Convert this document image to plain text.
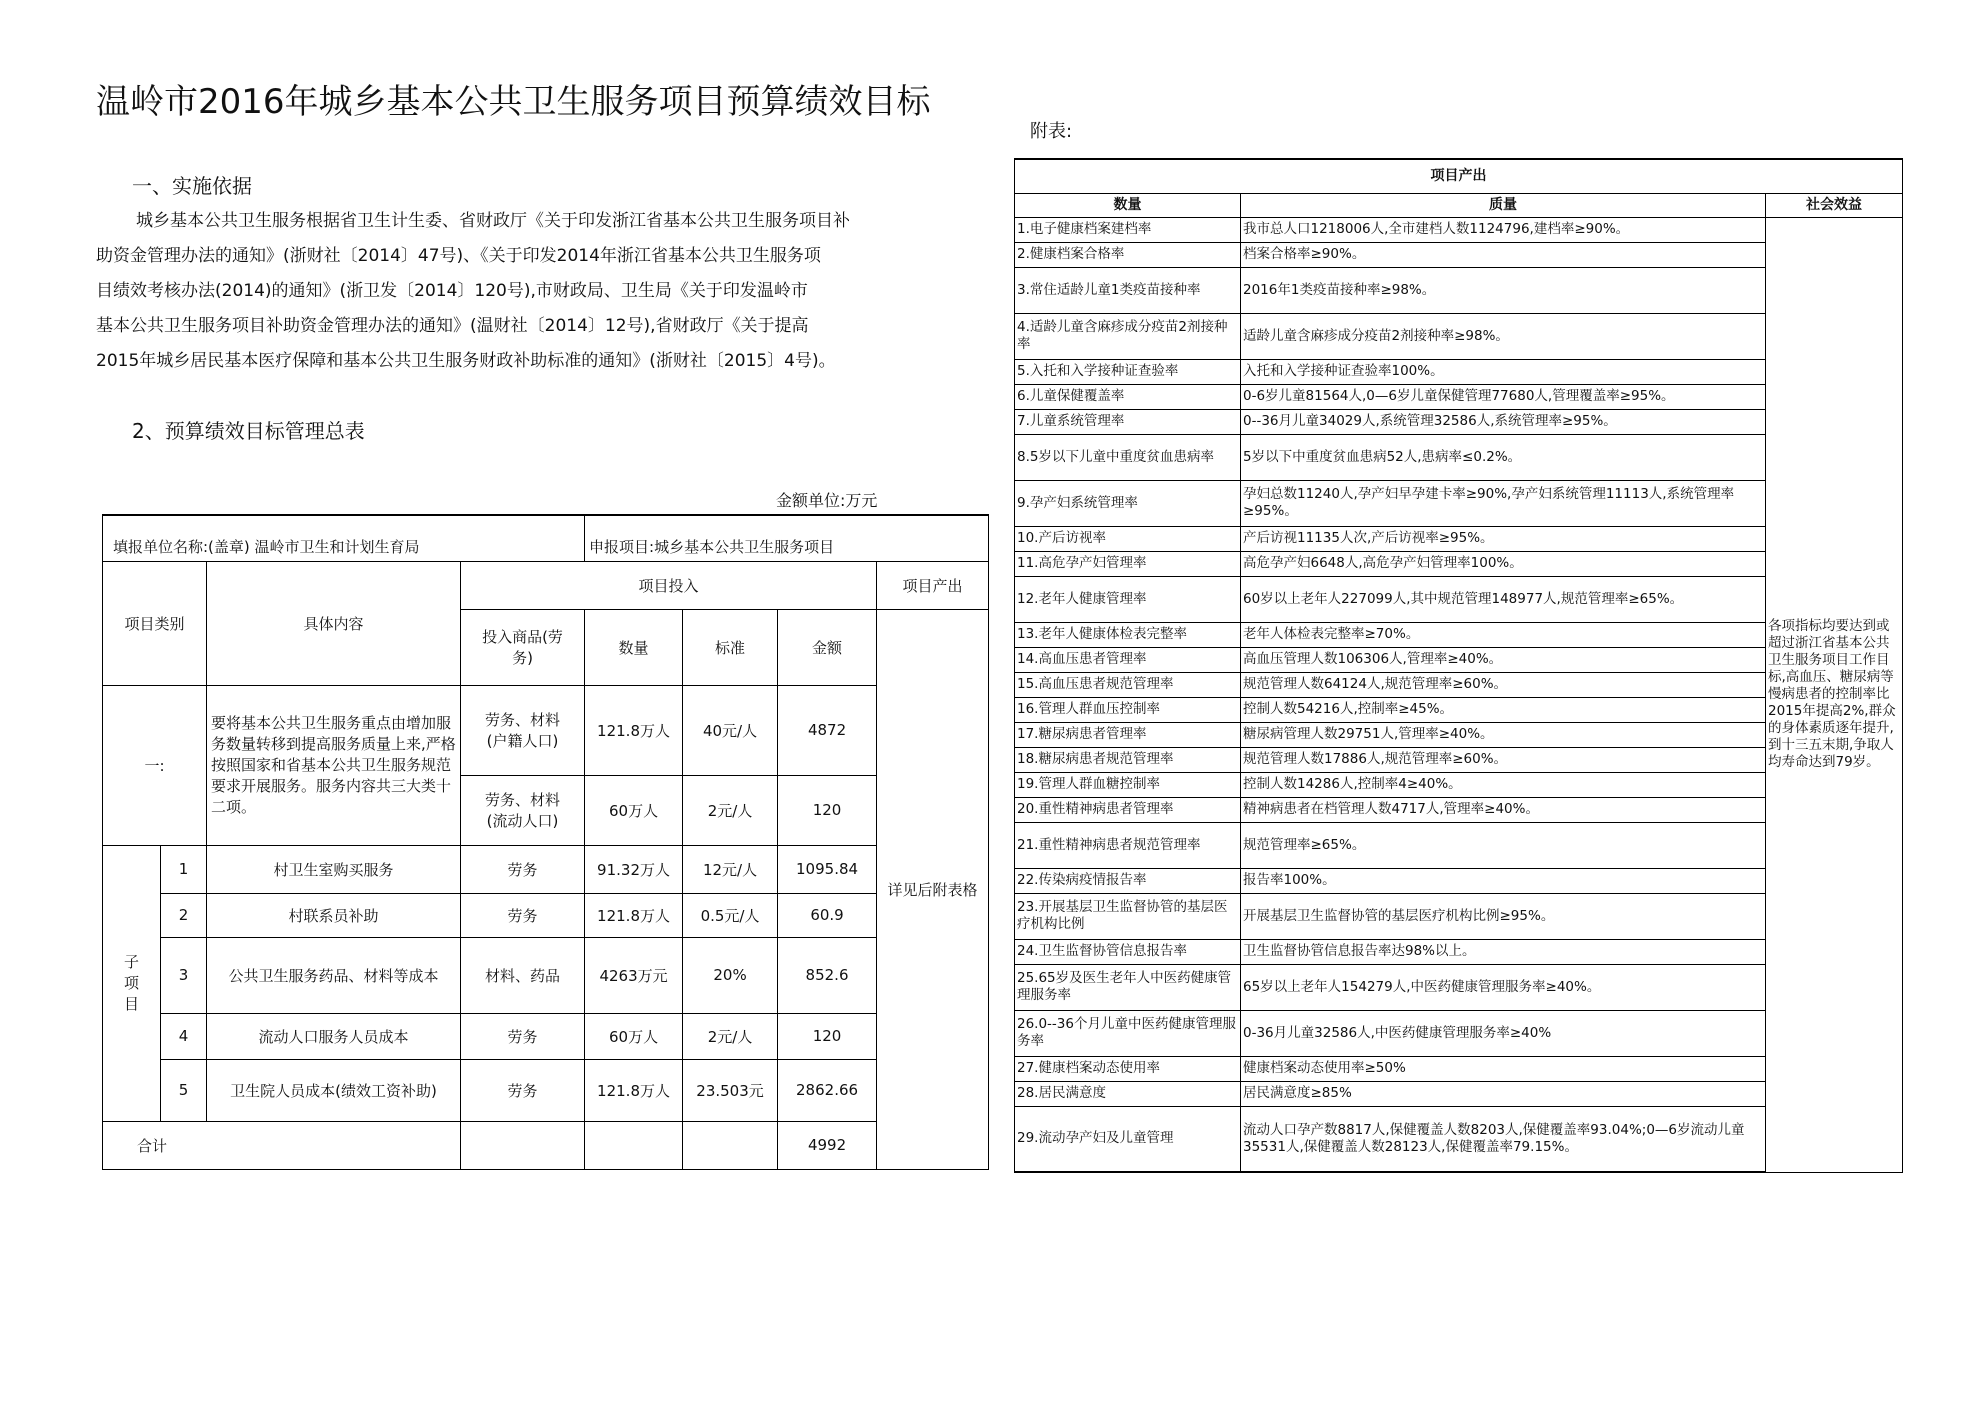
温岭市2016年城乡基本公共卫生服务项目预算绩效目标
附表:
一、实施依据
城乡基本公共卫生服务根据省卫生计生委、省财政厅《关于印发浙江省基本公共卫生服务项目补
助资金管理办法的通知》(浙财社〔2014〕47号)、《关于印发2014年浙江省基本公共卫生服务项
目绩效考核办法(2014)的通知》(浙卫发〔2014〕120号),市财政局、卫生局《关于印发温岭市
基本公共卫生服务项目补助资金管理办法的通知》(温财社〔2014〕12号),省财政厅《关于提高
2015年城乡居民基本医疗保障和基本公共卫生服务财政补助标准的通知》(浙财社〔2015〕4号)。
2、预算绩效目标管理总表
金额单位:万元
填报单位名称:(盖章) 温岭市卫生和计划生育局				申报项目:城乡基本公共卫生服务项目				
项目类别		具体内容	项目投入				项目产出	
			投入商品(劳务)	数量	标准	金额	详见后附表格	
一:		要将基本公共卫生服务重点由增加服务数量转移到提高服务质量上来,严格按照国家和省基本公共卫生服务规范要求开展服务。服务内容共三大类十二项。	劳务、材料(户籍人口)	121.8万人	40元/人	4872		
			劳务、材料(流动人口)	60万人	2元/人	120		
子项目	1	村卫生室购买服务	劳务	91.32万人	12元/人	1095.84		
	2	村联系员补助	劳务	121.8万人	0.5元/人	60.9		
	3	公共卫生服务药品、材料等成本	材料、药品	4263万元	20%	852.6		
	4	流动人口服务人员成本	劳务	60万人	2元/人	120		
	5	卫生院人员成本(绩效工资补助)	劳务	121.8万人	23.503元	2862.66		
合计						4992		
项目产出		
数量	质量	社会效益
1.电子健康档案建档率	我市总人口1218006人,全市建档人数1124796,建档率≥90%。	各项指标均要达到或超过浙江省基本公共卫生服务项目工作目标,高血压、糖尿病等慢病患者的控制率比2015年提高2%,群众的身体素质逐年提升,到十三五末期,争取人均寿命达到79岁。
2.健康档案合格率	档案合格率≥90%。	
3.常住适龄儿童1类疫苗接种率	2016年1类疫苗接种率≥98%。	
4.适龄儿童含麻疹成分疫苗2剂接种率	适龄儿童含麻疹成分疫苗2剂接种率≥98%。	
5.入托和入学接种证查验率	入托和入学接种证查验率100%。	
6.儿童保健覆盖率	0-6岁儿童81564人,0—6岁儿童保健管理77680人,管理覆盖率≥95%。	
7.儿童系统管理率	0--36月儿童34029人,系统管理32586人,系统管理率≥95%。	
8.5岁以下儿童中重度贫血患病率	5岁以下中重度贫血患病52人,患病率≤0.2%。	
9.孕产妇系统管理率	孕妇总数11240人,孕产妇早孕建卡率≥90%,孕产妇系统管理11113人,系统管理率≥95%。	
10.产后访视率	产后访视11135人次,产后访视率≥95%。	
11.高危孕产妇管理率	高危孕产妇6648人,高危孕产妇管理率100%。	
12.老年人健康管理率	60岁以上老年人227099人,其中规范管理148977人,规范管理率≥65%。	
13.老年人健康体检表完整率	老年人体检表完整率≥70%。	
14.高血压患者管理率	高血压管理人数106306人,管理率≥40%。	
15.高血压患者规范管理率	规范管理人数64124人,规范管理率≥60%。	
16.管理人群血压控制率	控制人数54216人,控制率≥45%。	
17.糖尿病患者管理率	糖尿病管理人数29751人,管理率≥40%。	
18.糖尿病患者规范管理率	规范管理人数17886人,规范管理率≥60%。	
19.管理人群血糖控制率	控制人数14286人,控制率4≥40%。	
20.重性精神病患者管理率	精神病患者在档管理人数4717人,管理率≥40%。	
21.重性精神病患者规范管理率	规范管理率≥65%。	
22.传染病疫情报告率	报告率100%。	
23.开展基层卫生监督协管的基层医疗机构比例	开展基层卫生监督协管的基层医疗机构比例≥95%。	
24.卫生监督协管信息报告率	卫生监督协管信息报告率达98%以上。	
25.65岁及医生老年人中医药健康管理服务率	65岁以上老年人154279人,中医药健康管理服务率≥40%。	
26.0--36个月儿童中医药健康管理服务率	0-36月儿童32586人,中医药健康管理服务率≥40%	
27.健康档案动态使用率	健康档案动态使用率≥50%	
28.居民满意度	居民满意度≥85%	
29.流动孕产妇及儿童管理	流动人口孕产数8817人,保健覆盖人数8203人,保健覆盖率93.04%;0—6岁流动儿童35531人,保健覆盖人数28123人,保健覆盖率79.15%。	
